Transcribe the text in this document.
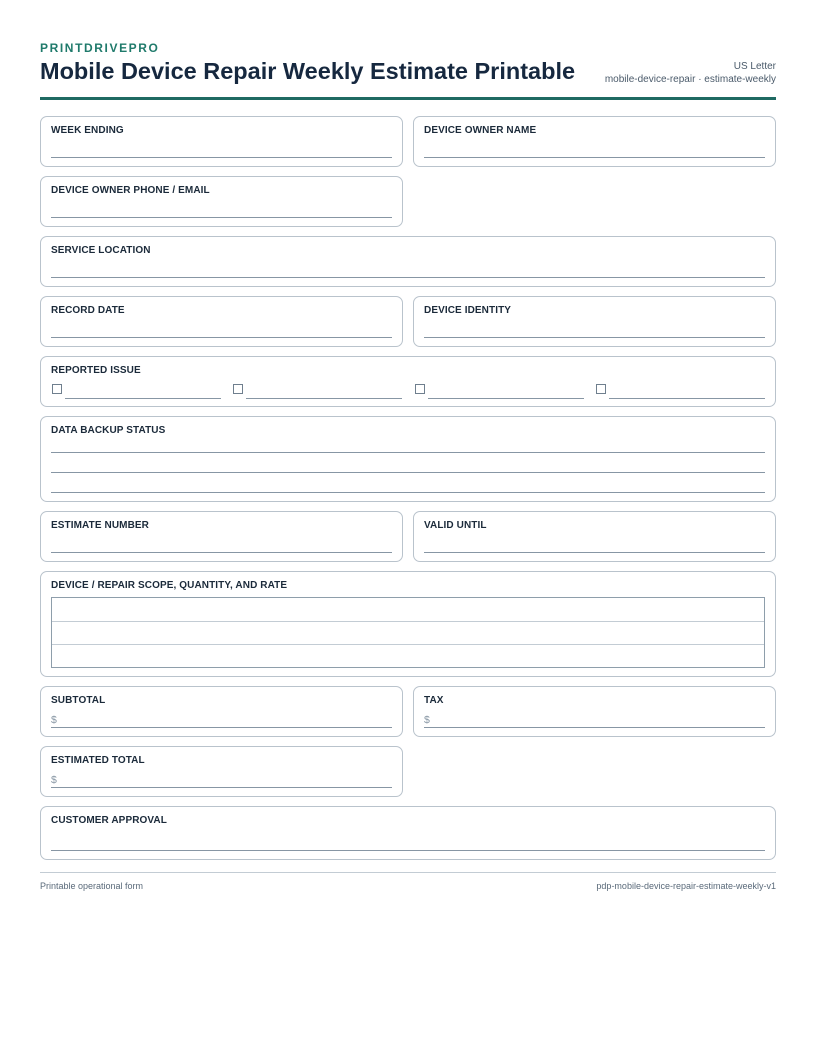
PRINTDRIVEPRO
Mobile Device Repair Weekly Estimate Printable	US Letter
mobile-device-repair · estimate-weekly
WEEK ENDING	DEVICE OWNER NAME
DEVICE OWNER PHONE / EMAIL
SERVICE LOCATION
RECORD DATE	DEVICE IDENTITY
REPORTED ISSUE
DATA BACKUP STATUS
ESTIMATE NUMBER	VALID UNTIL
DEVICE / REPAIR SCOPE, QUANTITY, AND RATE
SUBTOTAL
$
TAX
$
ESTIMATED TOTAL
$
CUSTOMER APPROVAL
Printable operational form	pdp-mobile-device-repair-estimate-weekly-v1
